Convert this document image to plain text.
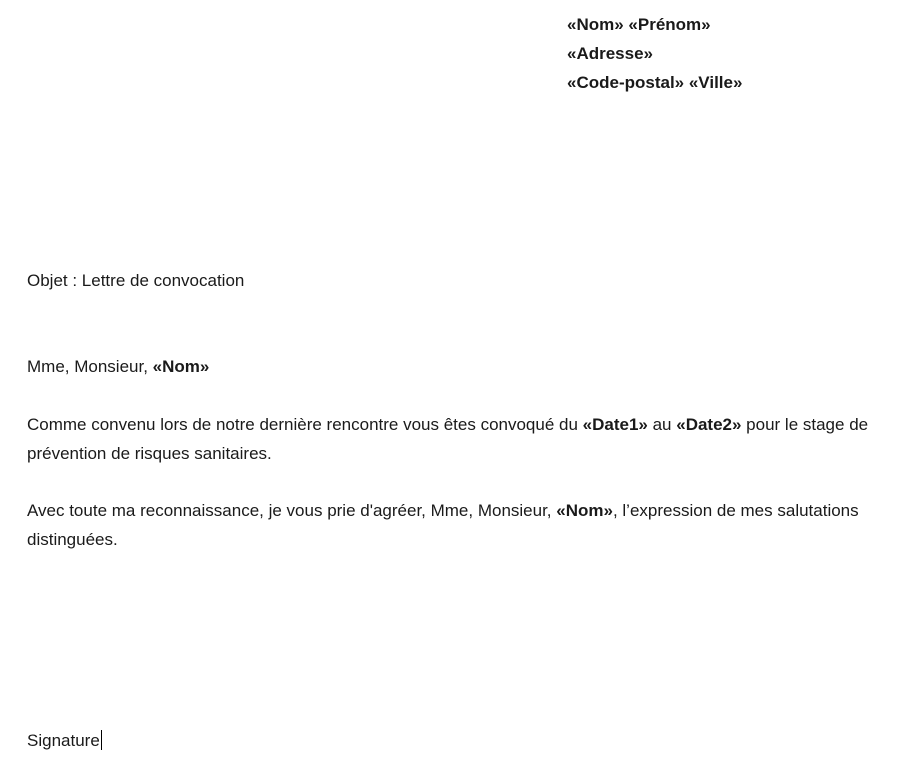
«Nom» «Prénom»
«Adresse»
«Code-postal» «Ville»
Objet : Lettre de convocation
Mme, Monsieur, «Nom»
Comme convenu lors de notre dernière rencontre vous êtes convoqué du «Date1» au «Date2» pour le stage de prévention de risques sanitaires.
Avec toute ma reconnaissance, je vous prie d'agréer, Mme, Monsieur, «Nom», l’expression de mes salutations distinguées.
Signature
